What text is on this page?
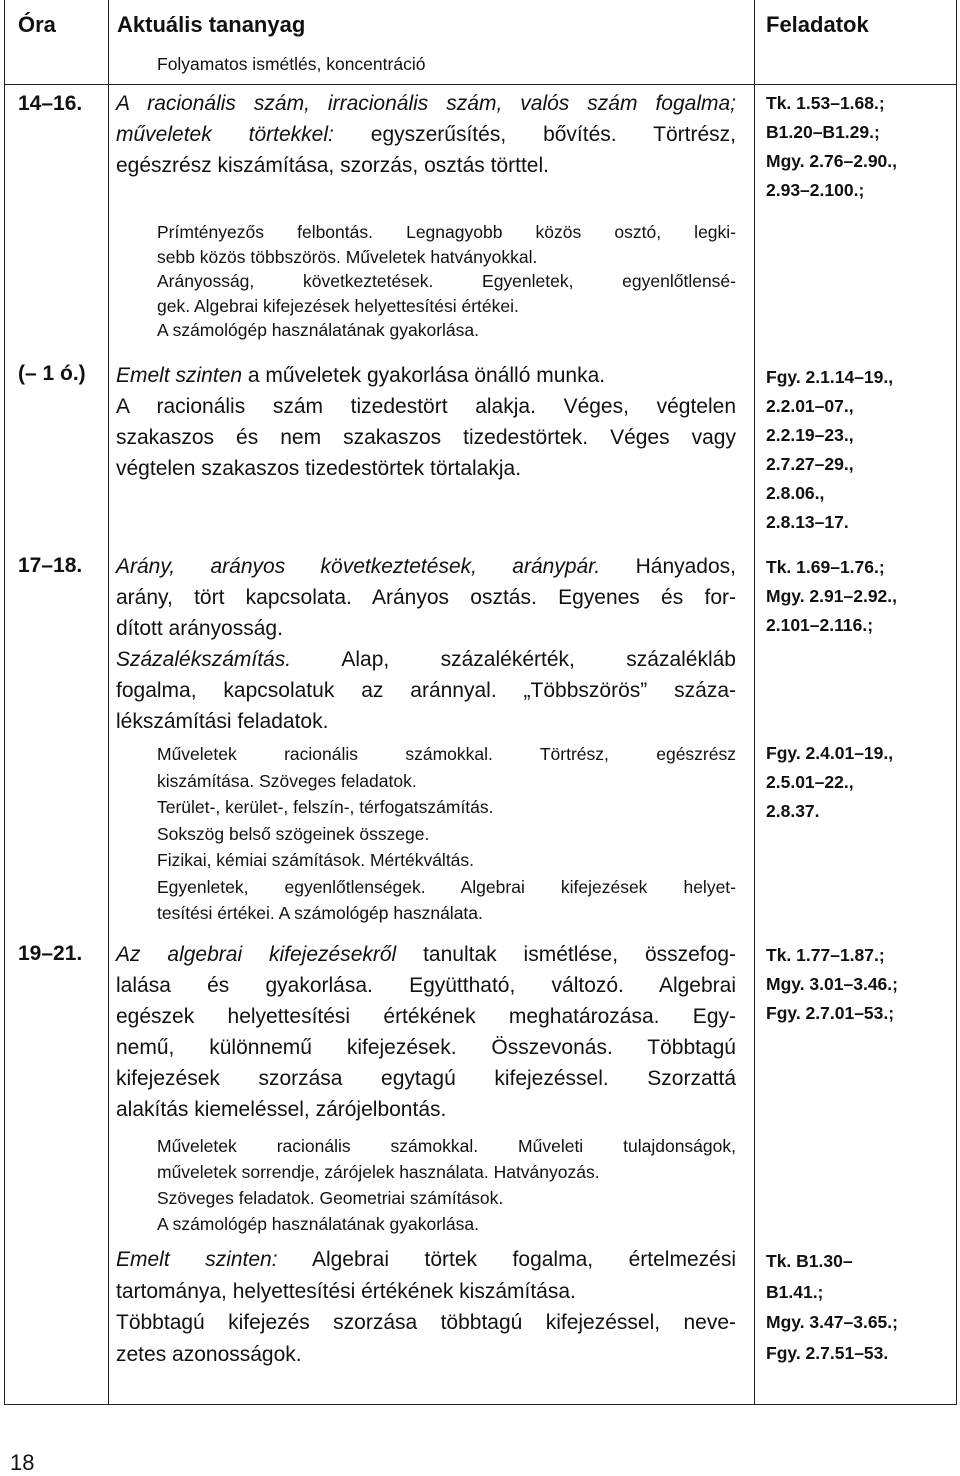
Óra	Aktuális tananyag	Feladatok
Folyamatos ismétlés, koncentráció
14–16. A racionális szám, irracionális szám, valós szám fogalma;
műveletek törtekkel: egyszerűsítés, bővítés. Törtrész,
egészrész kiszámítása, szorzás, osztás törttel.
Prímtényezős felbontás. Legnagyobb közös osztó, legki-
sebb közös többszörös. Műveletek hatványokkal.
Arányosság, következtetések. Egyenletek, egyenlőtlensé-
gek. Algebrai kifejezések helyettesítési értékei.
A számológép használatának gyakorlása.
Tk. 1.53–1.68.;
B1.20–B1.29.;
Mgy. 2.76–2.90.,
2.93–2.100.;
(– 1 ó.) Emelt szinten a műveletek gyakorlása önálló munka.
A racionális szám tizedestört alakja. Véges, végtelen
szakaszos és nem szakaszos tizedestörtek. Véges vagy
végtelen szakaszos tizedestörtek törtalakja.
Fgy. 2.1.14–19.,
2.2.01–07.,
2.2.19–23.,
2.7.27–29.,
2.8.06.,
2.8.13–17.
17–18. Arány, arányos következtetések, aránypár. Hányados,
arány, tört kapcsolata. Arányos osztás. Egyenes és for-
dított arányosság.
Százalékszámítás. Alap, százalékérték, százalékláb
fogalma, kapcsolatuk az aránnyal. „Többszörös” száza-
lékszámítási feladatok.
Tk. 1.69–1.76.;
Mgy. 2.91–2.92.,
2.101–2.116.;
Műveletek racionális számokkal. Törtrész, egészrész
kiszámítása. Szöveges feladatok.
Terület-, kerület-, felszín-, térfogatszámítás.
Sokszög belső szögeinek összege.
Fizikai, kémiai számítások. Mértékváltás.
Egyenletek, egyenlőtlenségek. Algebrai kifejezések helyet-
tesítési értékei. A számológép használata.
Fgy. 2.4.01–19.,
2.5.01–22.,
2.8.37.
19–21. Az algebrai kifejezésekről tanultak ismétlése, összefog-
lalása és gyakorlása. Együttható, változó. Algebrai
egészek helyettesítési értékének meghatározása. Egy-
nemű, különnemű kifejezések. Összevonás. Többtagú
kifejezések szorzása egytagú kifejezéssel. Szorzattá
alakítás kiemeléssel, zárójelbontás.
Tk. 1.77–1.87.;
Mgy. 3.01–3.46.;
Fgy. 2.7.01–53.;
Műveletek racionális számokkal. Műveleti tulajdonságok,
műveletek sorrendje, zárójelek használata. Hatványozás.
Szöveges feladatok. Geometriai számítások.
A számológép használatának gyakorlása.
Emelt szinten: Algebrai törtek fogalma, értelmezési
tartománya, helyettesítési értékének kiszámítása.
Többtagú kifejezés szorzása többtagú kifejezéssel, neve-
zetes azonosságok.
Tk. B1.30–
B1.41.;
Mgy. 3.47–3.65.;
Fgy. 2.7.51–53.
18
